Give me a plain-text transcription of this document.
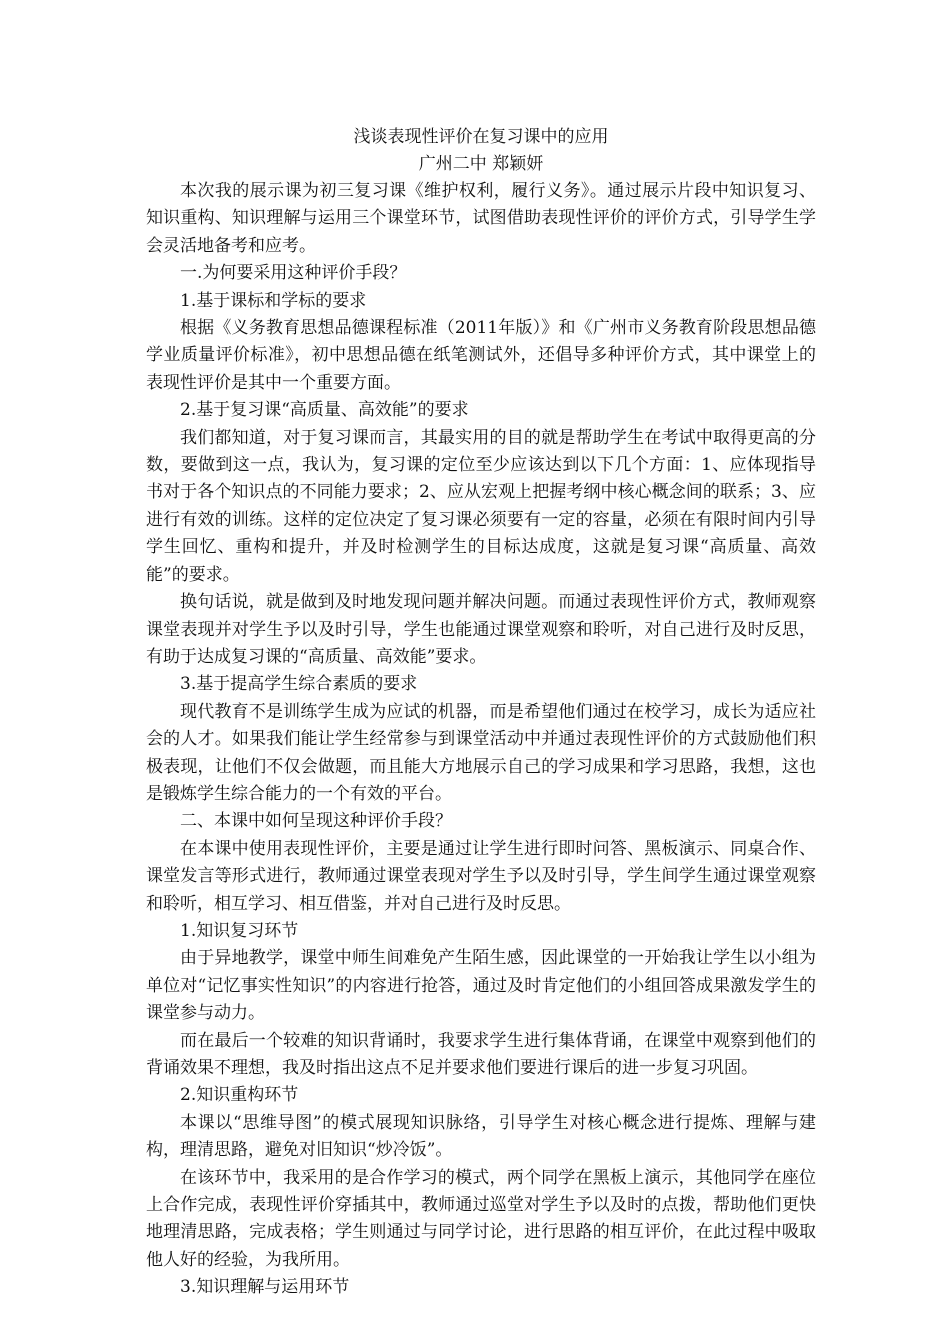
浅谈表现性评价在复习课中的应用

广州二中 郑颖妍

本次我的展示课为初三复习课《维护权利，履行义务》。通过展示片段中知识复习、知识重构、知识理解与运用三个课堂环节，试图借助表现性评价的评价方式，引导学生学会灵活地备考和应考。

一.为何要采用这种评价手段？

1.基于课标和学标的要求

根据《义务教育思想品德课程标准（2011年版）》和《广州市义务教育阶段思想品德学业质量评价标准》，初中思想品德在纸笔测试外，还倡导多种评价方式，其中课堂上的表现性评价是其中一个重要方面。

2.基于复习课“高质量、高效能”的要求

我们都知道，对于复习课而言，其最实用的目的就是帮助学生在考试中取得更高的分数，要做到这一点，我认为，复习课的定位至少应该达到以下几个方面：1、应体现指导书对于各个知识点的不同能力要求；2、应从宏观上把握考纲中核心概念间的联系；3、应进行有效的训练。这样的定位决定了复习课必须要有一定的容量，必须在有限时间内引导学生回忆、重构和提升，并及时检测学生的目标达成度，这就是复习课“高质量、高效能”的要求。

换句话说，就是做到及时地发现问题并解决问题。而通过表现性评价方式，教师观察课堂表现并对学生予以及时引导，学生也能通过课堂观察和聆听，对自己进行及时反思，有助于达成复习课的“高质量、高效能”要求。

3.基于提高学生综合素质的要求

现代教育不是训练学生成为应试的机器，而是希望他们通过在校学习，成长为适应社会的人才。如果我们能让学生经常参与到课堂活动中并通过表现性评价的方式鼓励他们积极表现，让他们不仅会做题，而且能大方地展示自己的学习成果和学习思路，我想，这也是锻炼学生综合能力的一个有效的平台。

二、本课中如何呈现这种评价手段？

在本课中使用表现性评价，主要是通过让学生进行即时问答、黑板演示、同桌合作、课堂发言等形式进行，教师通过课堂表现对学生予以及时引导，学生间学生通过课堂观察和聆听，相互学习、相互借鉴，并对自己进行及时反思。

1.知识复习环节

由于异地教学，课堂中师生间难免产生陌生感，因此课堂的一开始我让学生以小组为单位对“记忆事实性知识”的内容进行抢答，通过及时肯定他们的小组回答成果激发学生的课堂参与动力。

而在最后一个较难的知识背诵时，我要求学生进行集体背诵，在课堂中观察到他们的背诵效果不理想，我及时指出这点不足并要求他们要进行课后的进一步复习巩固。

2.知识重构环节

本课以“思维导图”的模式展现知识脉络，引导学生对核心概念进行提炼、理解与建构，理清思路，避免对旧知识“炒冷饭”。

在该环节中，我采用的是合作学习的模式，两个同学在黑板上演示，其他同学在座位上合作完成，表现性评价穿插其中，教师通过巡堂对学生予以及时的点拨，帮助他们更快地理清思路，完成表格；学生则通过与同学讨论，进行思路的相互评价，在此过程中吸取他人好的经验，为我所用。

3.知识理解与运用环节
